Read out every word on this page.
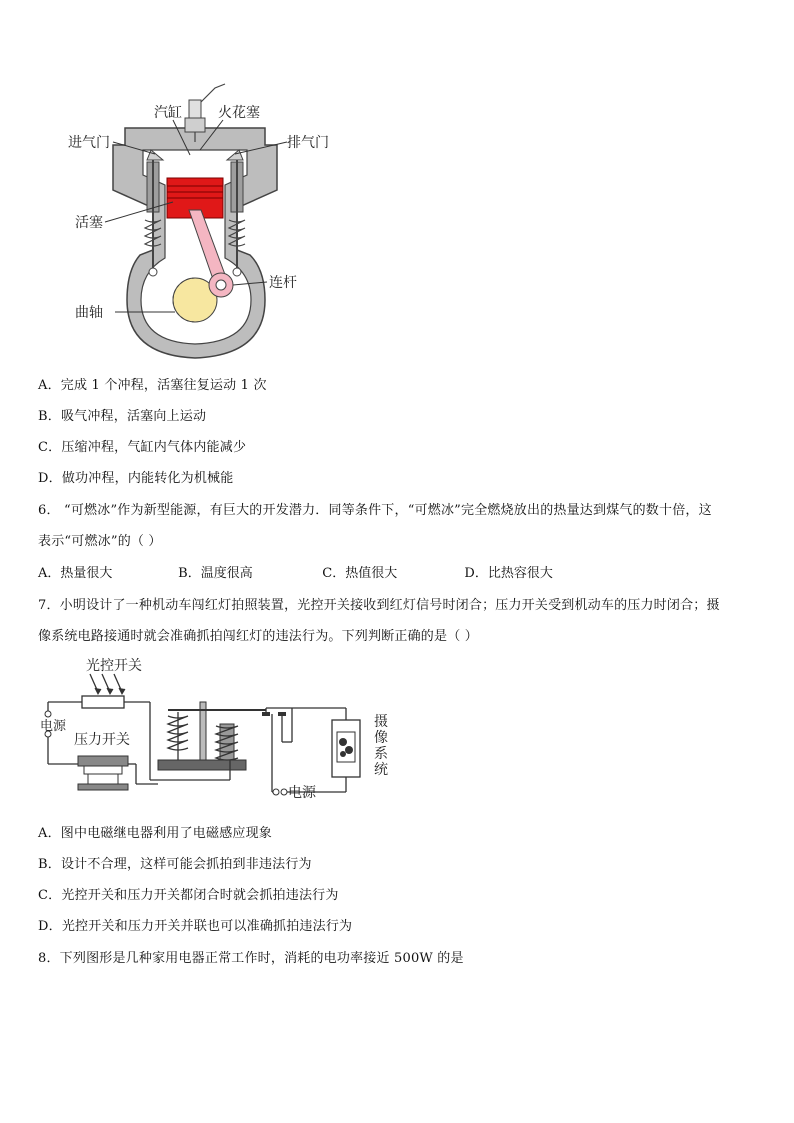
汽缸	火花塞
进气门	排气门
活塞
连杆
曲轴
A．完成 1 个冲程，活塞往复运动 1 次
B．吸气冲程，活塞向上运动
C．压缩冲程，气缸内气体内能减少
D．做功冲程，内能转化为机械能
6． “可燃冰”作为新型能源，有巨大的开发潜力．同等条件下，“可燃冰”完全燃烧放出的热量达到煤气的数十倍，这
表示“可燃冰”的（ ）
A．热量很大	B．温度很高	C．热值很大	D．比热容很大
7．小明设计了一种机动车闯红灯拍照装置，光控开关接收到红灯信号时闭合；压力开关受到机动车的压力时闭合；摄
像系统电路接通时就会准确抓拍闯红灯的违法行为。下列判断正确的是（ ）
光控开关
电源
压力开关
电源
摄像系统
A．图中电磁继电器利用了电磁感应现象
B．设计不合理，这样可能会抓拍到非违法行为
C．光控开关和压力开关都闭合时就会抓拍违法行为
D．光控开关和压力开关并联也可以准确抓拍违法行为
8．下列图形是几种家用电器正常工作时，消耗的电功率接近 500W 的是
